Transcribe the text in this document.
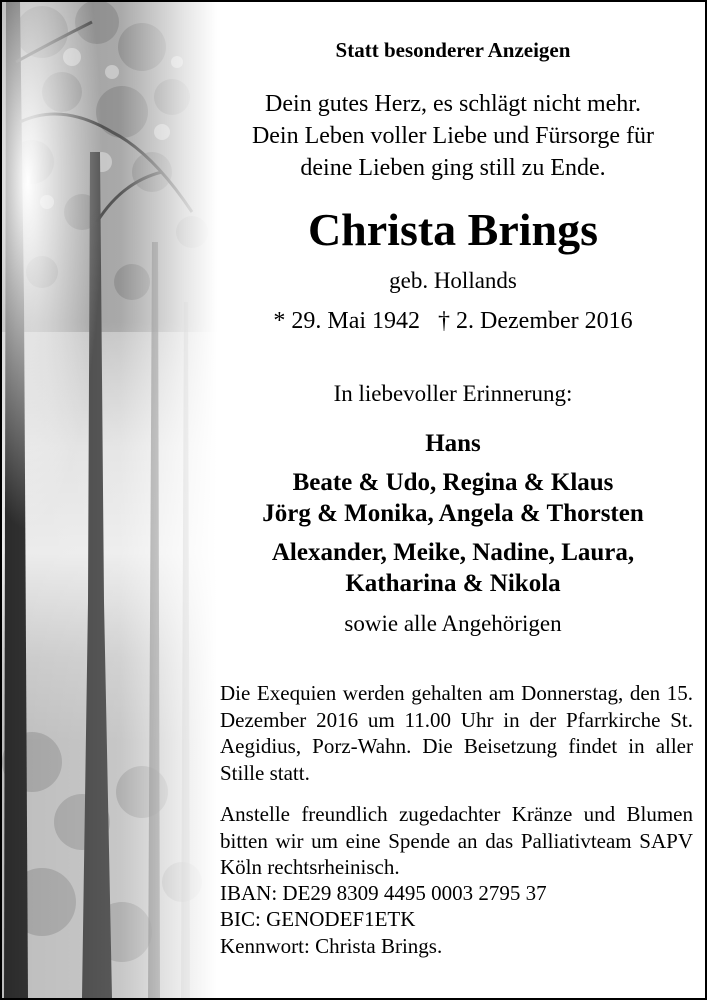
Statt besonderer Anzeigen
Dein gutes Herz, es schlägt nicht mehr.
Dein Leben voller Liebe und Fürsorge für
deine Lieben ging still zu Ende.
Christa Brings
geb. Hollands
* 29. Mai 1942 † 2. Dezember 2016
In liebevoller Erinnerung:
Hans
Beate & Udo, Regina & Klaus
Jörg & Monika, Angela & Thorsten
Alexander, Meike, Nadine, Laura,
Katharina & Nikola
sowie alle Angehörigen
Die Exequien werden gehalten am Donnerstag, den 15. Dezember 2016 um 11.00 Uhr in der Pfarrkirche St. Aegidius, Porz-Wahn. Die Beisetzung findet in aller Stille statt.
Anstelle freundlich zugedachter Kränze und Blumen bitten wir um eine Spende an das Palliativteam SAPV Köln rechtsrheinisch.
IBAN: DE29 8309 4495 0003 2795 37
BIC: GENODEF1ETK
Kennwort: Christa Brings.
